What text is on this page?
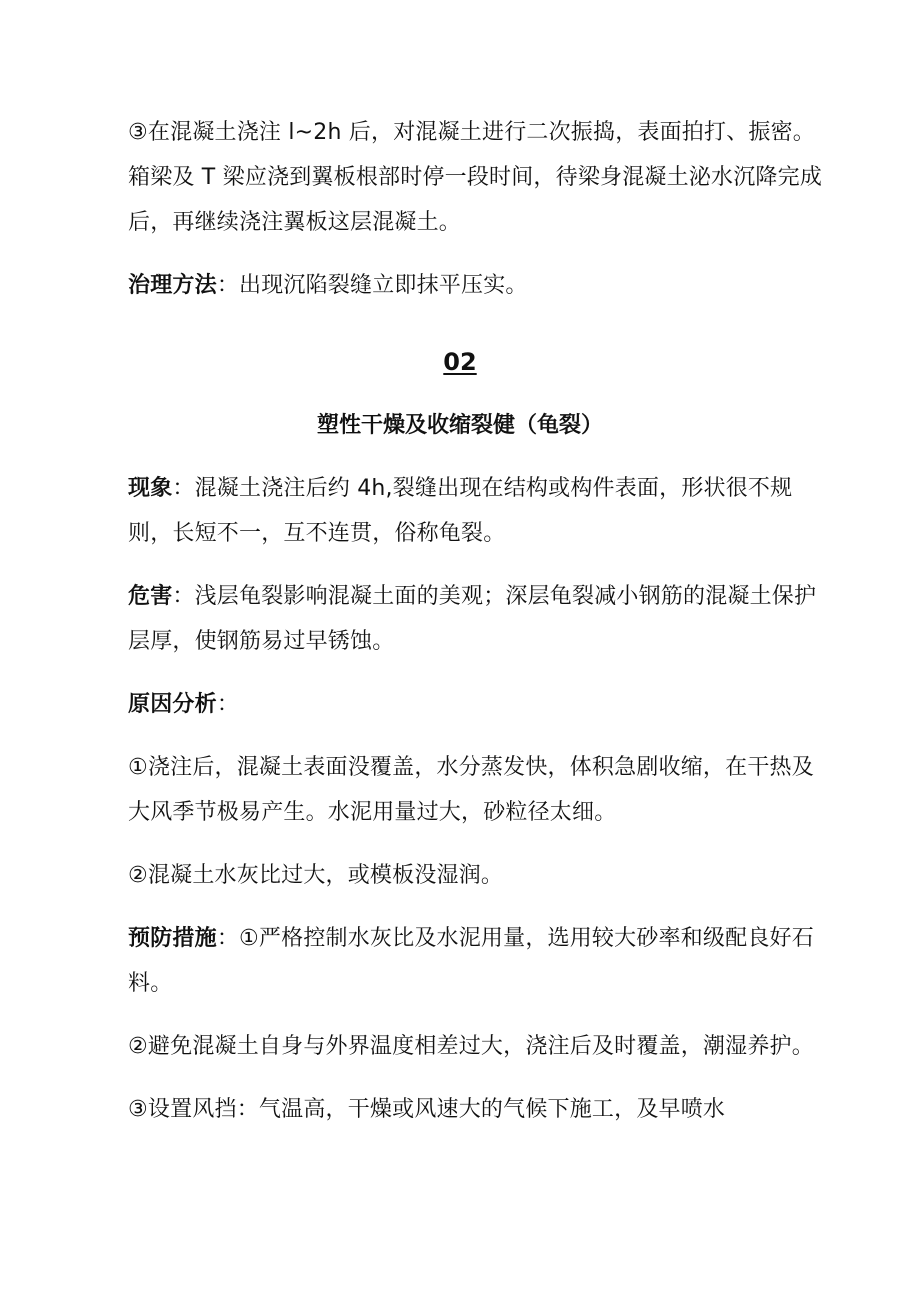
③在混凝土浇注 l~2h 后，对混凝土进行二次振捣，表面拍打、振密。箱梁及 T 梁应浇到翼板根部时停一段时间，待梁身混凝土泌水沉降完成后，再继续浇注翼板这层混凝土。

治理方法：出现沉陷裂缝立即抹平压实。

02
塑性干燥及收缩裂健（龟裂）

现象：混凝土浇注后约 4h,裂缝出现在结构或构件表面，形状很不规则，长短不一，互不连贯，俗称龟裂。

危害：浅层龟裂影响混凝土面的美观；深层龟裂减小钢筋的混凝土保护层厚，使钢筋易过早锈蚀。

原因分析：

①浇注后，混凝土表面没覆盖，水分蒸发快，体积急剧收缩，在干热及大风季节极易产生。水泥用量过大，砂粒径太细。

②混凝土水灰比过大，或模板没湿润。

预防措施：①严格控制水灰比及水泥用量，选用较大砂率和级配良好石料。

②避免混凝土自身与外界温度相差过大，浇注后及时覆盖，潮湿养护。

③设置风挡：气温高，干燥或风速大的气候下施工，及早喷水
